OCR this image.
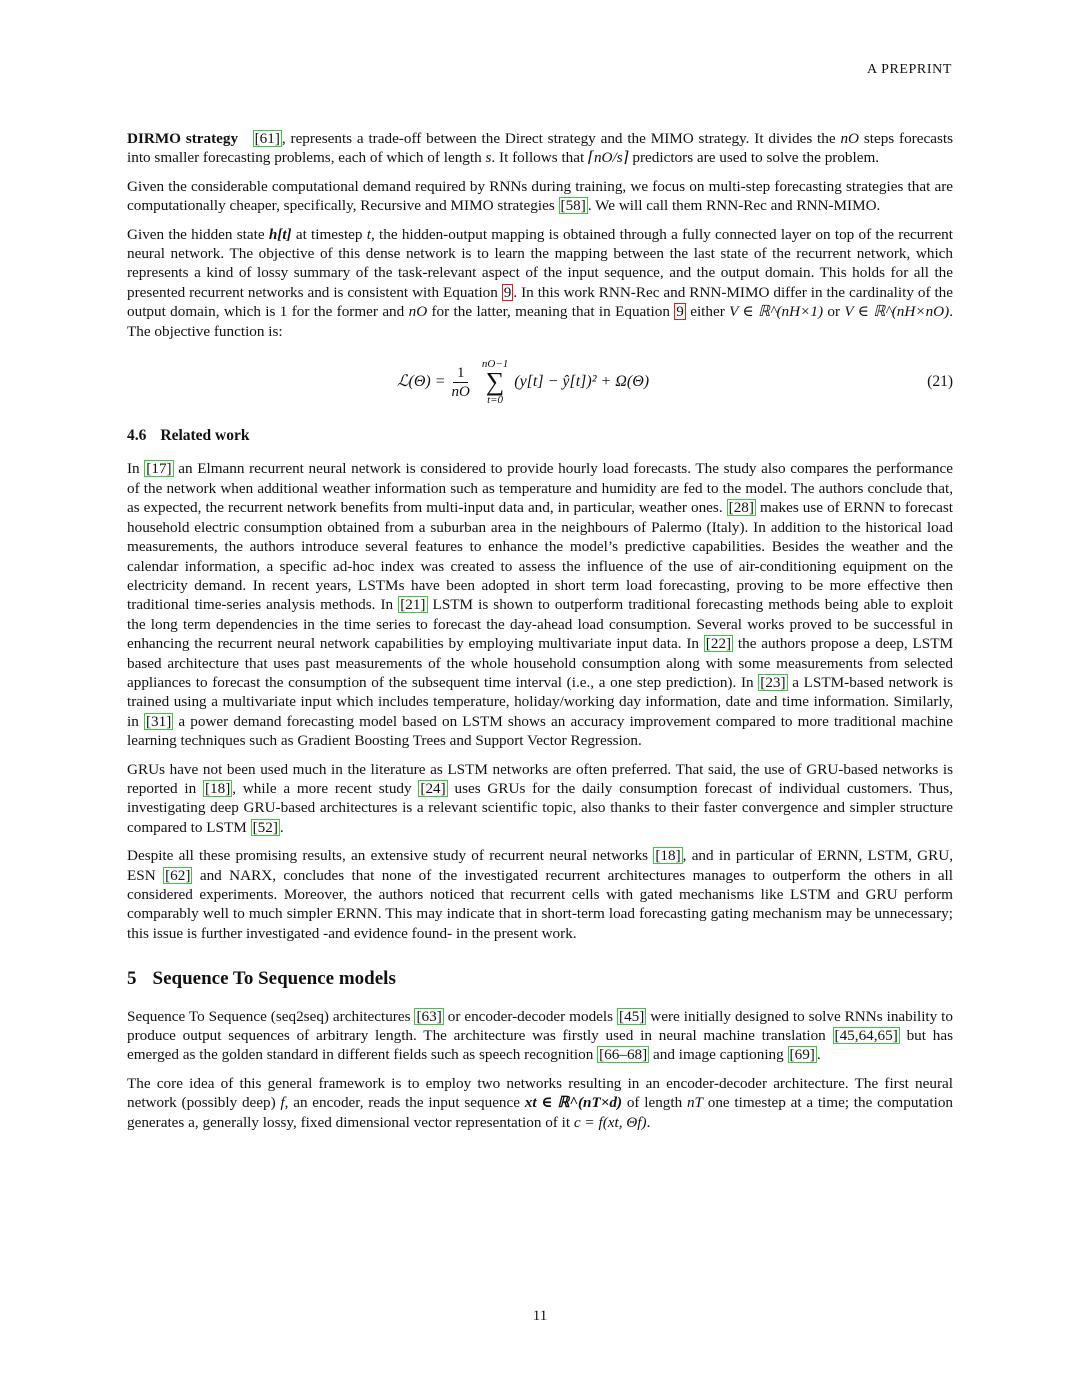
A PREPRINT

DIRMO strategy [61] , represents a trade-off between the Direct strategy and the MIMO strategy. It divides the nO steps forecasts into smaller forecasting problems, each of which of length s. It follows that ⌈nO/s⌉ predictors are used to solve the problem.

Given the considerable computational demand required by RNNs during training, we focus on multi-step forecasting strategies that are computationally cheaper, specifically, Recursive and MIMO strategies [58] . We will call them RNN-Rec and RNN-MIMO.

Given the hidden state h[t] at timestep t, the hidden-output mapping is obtained through a fully connected layer on top of the recurrent neural network. The objective of this dense network is to learn the mapping between the last state of the recurrent network, which represents a kind of lossy summary of the task-relevant aspect of the input sequence, and the output domain. This holds for all the presented recurrent networks and is consistent with Equation 9 . In this work RNN-Rec and RNN-MIMO differ in the cardinality of the output domain, which is 1 for the former and nO for the latter, meaning that in Equation 9 either V ∈ ℝ^(nH×1) or V ∈ ℝ^(nH×nO). The objective function is:

ℒ(Θ) = $\frac{1}{nO} nO-1$
∑
t=0
(y[t] − ŷ[t])² + Ω(Θ)	(21)
4.6 Related work

In [17] an Elmann recurrent neural network is considered to provide hourly load forecasts. The study also compares the performance of the network when additional weather information such as temperature and humidity are fed to the model. The authors conclude that, as expected, the recurrent network benefits from multi-input data and, in particular, weather ones. [28] makes use of ERNN to forecast household electric consumption obtained from a suburban area in the neighbours of Palermo (Italy). In addition to the historical load measurements, the authors introduce several features to enhance the model’s predictive capabilities. Besides the weather and the calendar information, a specific ad-hoc index was created to assess the influence of the use of air-conditioning equipment on the electricity demand. In recent years, LSTMs have been adopted in short term load forecasting, proving to be more effective then traditional time-series analysis methods. In [21] LSTM is shown to outperform traditional forecasting methods being able to exploit the long term dependencies in the time series to forecast the day-ahead load consumption. Several works proved to be successful in enhancing the recurrent neural network capabilities by employing multivariate input data. In [22] the authors propose a deep, LSTM based architecture that uses past measurements of the whole household consumption along with some measurements from selected appliances to forecast the consumption of the subsequent time interval (i.e., a one step prediction). In [23] a LSTM-based network is trained using a multivariate input which includes temperature, holiday/working day information, date and time information. Similarly, in [31] a power demand forecasting model based on LSTM shows an accuracy improvement compared to more traditional machine learning techniques such as Gradient Boosting Trees and Support Vector Regression.

GRUs have not been used much in the literature as LSTM networks are often preferred. That said, the use of GRU-based networks is reported in [18] , while a more recent study [24] uses GRUs for the daily consumption forecast of individual customers. Thus, investigating deep GRU-based architectures is a relevant scientific topic, also thanks to their faster convergence and simpler structure compared to LSTM [52] .

Despite all these promising results, an extensive study of recurrent neural networks [18] , and in particular of ERNN, LSTM, GRU, ESN [62] and NARX, concludes that none of the investigated recurrent architectures manages to outperform the others in all considered experiments. Moreover, the authors noticed that recurrent cells with gated mechanisms like LSTM and GRU perform comparably well to much simpler ERNN. This may indicate that in short-term load forecasting gating mechanism may be unnecessary; this issue is further investigated -and evidence found- in the present work.

5 Sequence To Sequence models

Sequence To Sequence (seq2seq) architectures [63] or encoder-decoder models [45] were initially designed to solve RNNs inability to produce output sequences of arbitrary length. The architecture was firstly used in neural machine translation [45,64,65] but has emerged as the golden standard in different fields such as speech recognition [66–68] and image captioning [69] .

The core idea of this general framework is to employ two networks resulting in an encoder-decoder architecture. The first neural network (possibly deep) f, an encoder, reads the input sequence xt ∈ ℝ^(nT×d) of length nT one timestep at a time; the computation generates a, generally lossy, fixed dimensional vector representation of it c = f(xt, Θf).

11
